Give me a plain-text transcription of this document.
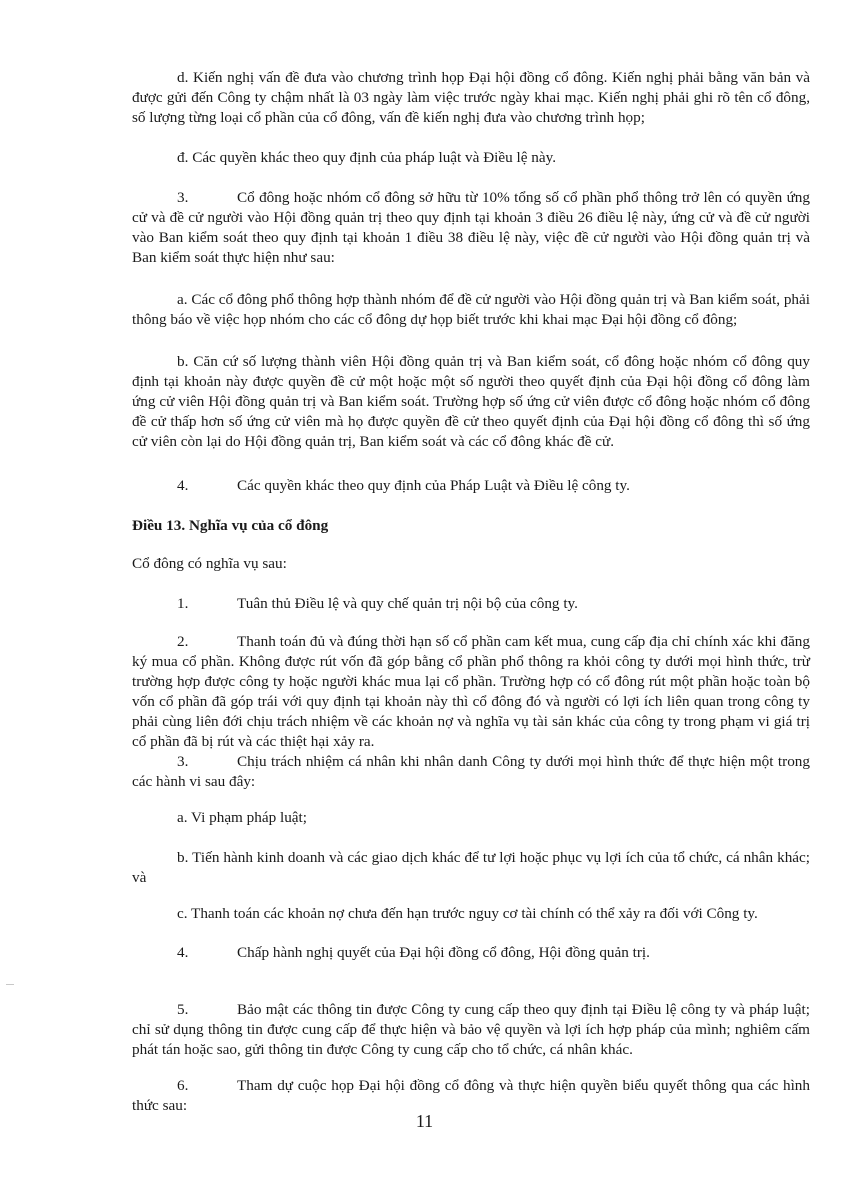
d. Kiến nghị vấn đề đưa vào chương trình họp Đại hội đồng cổ đông. Kiến nghị phải bằng văn bản và được gửi đến Công ty chậm nhất là 03 ngày làm việc trước ngày khai mạc. Kiến nghị phải ghi rõ tên cổ đông, số lượng từng loại cổ phần của cổ đông, vấn đề kiến nghị đưa vào chương trình họp;

đ. Các quyền khác theo quy định của pháp luật và Điều lệ này.

3.	Cổ đông hoặc nhóm cổ đông sở hữu từ 10% tổng số cổ phần phổ thông trở lên có quyền ứng cử và đề cử người vào Hội đồng quản trị theo quy định tại khoản 3 điều 26 điều lệ này, ứng cử và đề cử người vào Ban kiểm soát theo quy định tại khoản 1 điều 38 điều lệ này, việc đề cử người vào Hội đồng quản trị và Ban kiểm soát thực hiện như sau:

a. Các cổ đông phổ thông hợp thành nhóm để đề cử người vào Hội đồng quản trị và Ban kiểm soát, phải thông báo về việc họp nhóm cho các cổ đông dự họp biết trước khi khai mạc Đại hội đồng cổ đông;

b. Căn cứ số lượng thành viên Hội đồng quản trị và Ban kiểm soát, cổ đông hoặc nhóm cổ đông quy định tại khoản này được quyền đề cử một hoặc một số người theo quyết định của Đại hội đồng cổ đông làm ứng cử viên Hội đồng quản trị và Ban kiểm soát. Trường hợp số ứng cử viên được cổ đông hoặc nhóm cổ đông đề cử thấp hơn số ứng cử viên mà họ được quyền đề cử theo quyết định của Đại hội đồng cổ đông thì số ứng cử viên còn lại do Hội đồng quản trị, Ban kiểm soát và các cổ đông khác đề cử.

4.	Các quyền khác theo quy định của Pháp Luật và Điều lệ công ty.

Điều 13. Nghĩa vụ của cổ đông

Cổ đông có nghĩa vụ sau:

1.	Tuân thủ Điều lệ và quy chế quản trị nội bộ của công ty.

2.	Thanh toán đủ và đúng thời hạn số cổ phần cam kết mua, cung cấp địa chỉ chính xác khi đăng ký mua cổ phần. Không được rút vốn đã góp bằng cổ phần phổ thông ra khỏi công ty dưới mọi hình thức, trừ trường hợp được công ty hoặc người khác mua lại cổ phần. Trường hợp có cổ đông rút một phần hoặc toàn bộ vốn cổ phần đã góp trái với quy định tại khoản này thì cổ đông đó và người có lợi ích liên quan trong công ty phải cùng liên đới chịu trách nhiệm về các khoản nợ và nghĩa vụ tài sản khác của công ty trong phạm vi giá trị cổ phần đã bị rút và các thiệt hại xảy ra.

3.	Chịu trách nhiệm cá nhân khi nhân danh Công ty dưới mọi hình thức để thực hiện một trong các hành vi sau đây:

a. Vi phạm pháp luật;

b. Tiến hành kinh doanh và các giao dịch khác để tư lợi hoặc phục vụ lợi ích của tổ chức, cá nhân khác; và

c. Thanh toán các khoản nợ chưa đến hạn trước nguy cơ tài chính có thể xảy ra đối với Công ty.

4.	Chấp hành nghị quyết của Đại hội đồng cổ đông, Hội đồng quản trị.

5.	Bảo mật các thông tin được Công ty cung cấp theo quy định tại Điều lệ công ty và pháp luật; chỉ sử dụng thông tin được cung cấp để thực hiện và bảo vệ quyền và lợi ích hợp pháp của mình; nghiêm cấm phát tán hoặc sao, gửi thông tin được Công ty cung cấp cho tổ chức, cá nhân khác.

6.	Tham dự cuộc họp Đại hội đồng cổ đông và thực hiện quyền biểu quyết thông qua các hình thức sau:

11
